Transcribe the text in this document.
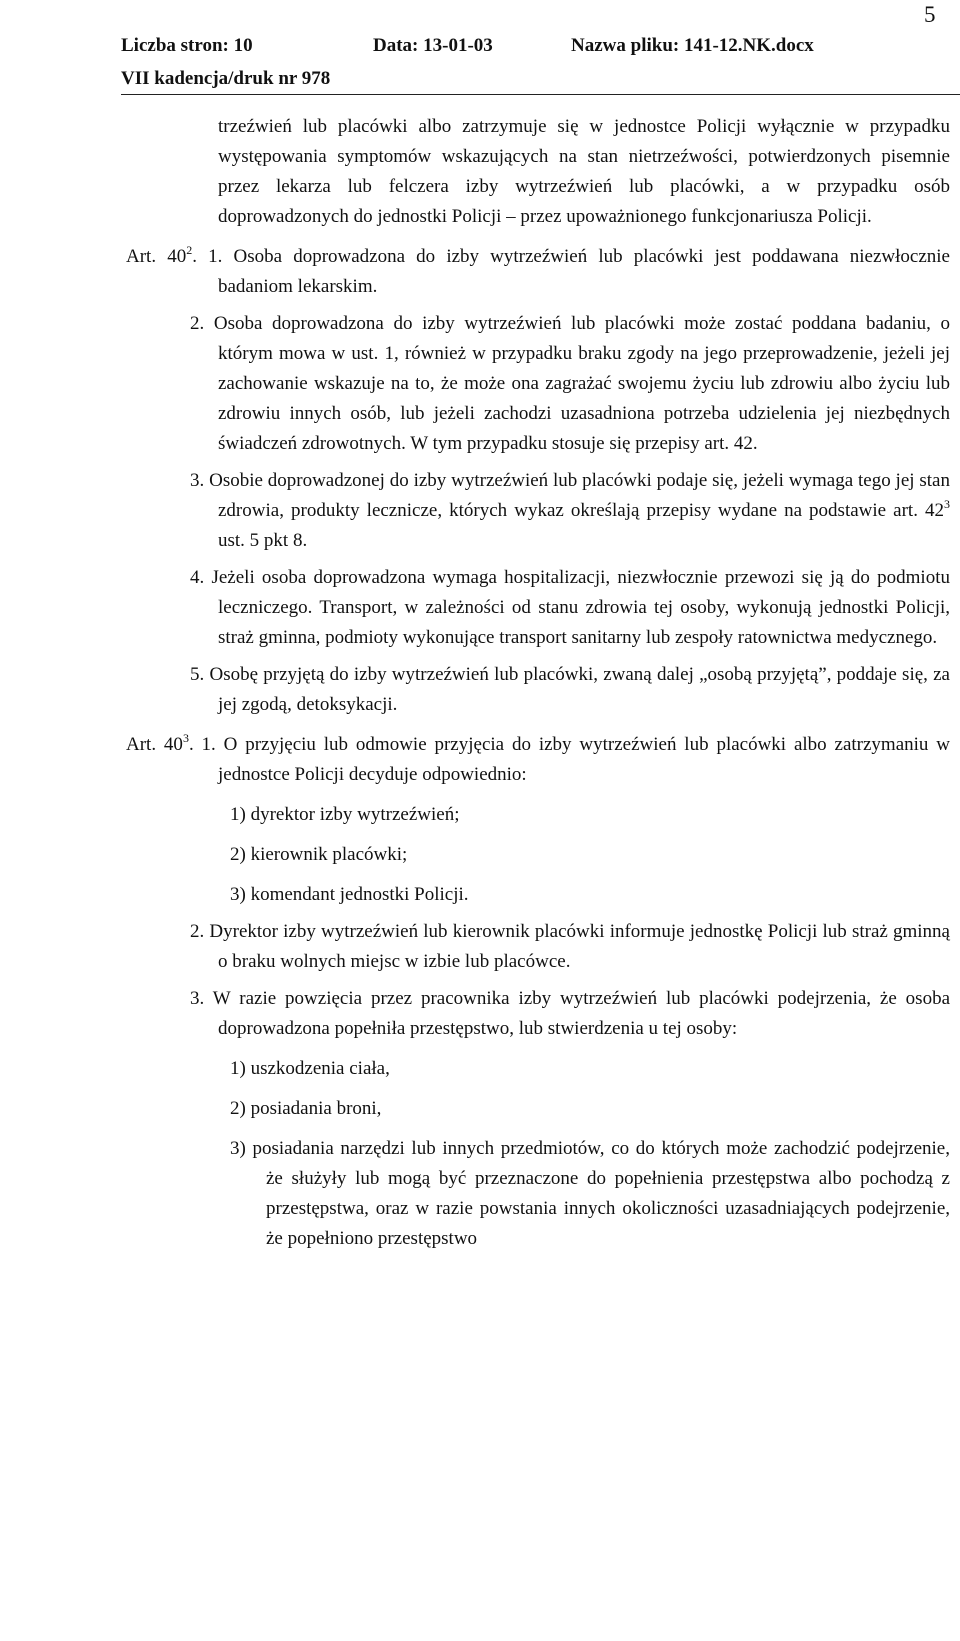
5
Liczba stron: 10	Data: 13-01-03	Nazwa pliku: 141-12.NK.docx
VII kadencja/druk nr 978

trzeźwień lub placówki albo zatrzymuje się w jednostce Policji wyłącznie w przypadku występowania symptomów wskazujących na stan nietrzeźwości, potwierdzonych pisemnie przez lekarza lub felczera izby wytrzeźwień lub placówki, a w przypadku osób doprowadzonych do jednostki Policji – przez upoważnionego funkcjonariusza Policji.

Art. $40^2$. 1. Osoba doprowadzona do izby wytrzeźwień lub placówki jest poddawana niezwłocznie badaniom lekarskim.

2. Osoba doprowadzona do izby wytrzeźwień lub placówki może zostać poddana badaniu, o którym mowa w ust. 1, również w przypadku braku zgody na jego przeprowadzenie, jeżeli jej zachowanie wskazuje na to, że może ona zagrażać swojemu życiu lub zdrowiu albo życiu lub zdrowiu innych osób, lub jeżeli zachodzi uzasadniona potrzeba udzielenia jej niezbędnych świadczeń zdrowotnych. W tym przypadku stosuje się przepisy art. 42.

3. Osobie doprowadzonej do izby wytrzeźwień lub placówki podaje się, jeżeli wymaga tego jej stan zdrowia, produkty lecznicze, których wykaz określają przepisy wydane na podstawie art. $42^3$ ust. 5 pkt 8.

4. Jeżeli osoba doprowadzona wymaga hospitalizacji, niezwłocznie przewozi się ją do podmiotu leczniczego. Transport, w zależności od stanu zdrowia tej osoby, wykonują jednostki Policji, straż gminna, podmioty wykonujące transport sanitarny lub zespoły ratownictwa medycznego.

5. Osobę przyjętą do izby wytrzeźwień lub placówki, zwaną dalej „osobą przyjętą”, poddaje się, za jej zgodą, detoksykacji.

Art. $40^3$. 1. O przyjęciu lub odmowie przyjęcia do izby wytrzeźwień lub placówki albo zatrzymaniu w jednostce Policji decyduje odpowiednio:

1) dyrektor izby wytrzeźwień;

2) kierownik placówki;

3) komendant jednostki Policji.

2. Dyrektor izby wytrzeźwień lub kierownik placówki informuje jednostkę Policji lub straż gminną o braku wolnych miejsc w izbie lub placówce.

3. W razie powzięcia przez pracownika izby wytrzeźwień lub placówki podejrzenia, że osoba doprowadzona popełniła przestępstwo, lub stwierdzenia u tej osoby:

1) uszkodzenia ciała,

2) posiadania broni,

3) posiadania narzędzi lub innych przedmiotów, co do których może zachodzić podejrzenie, że służyły lub mogą być przeznaczone do popełnienia przestępstwa albo pochodzą z przestępstwa, oraz w razie powstania innych okoliczności uzasadniających podejrzenie, że popełniono przestępstwo
